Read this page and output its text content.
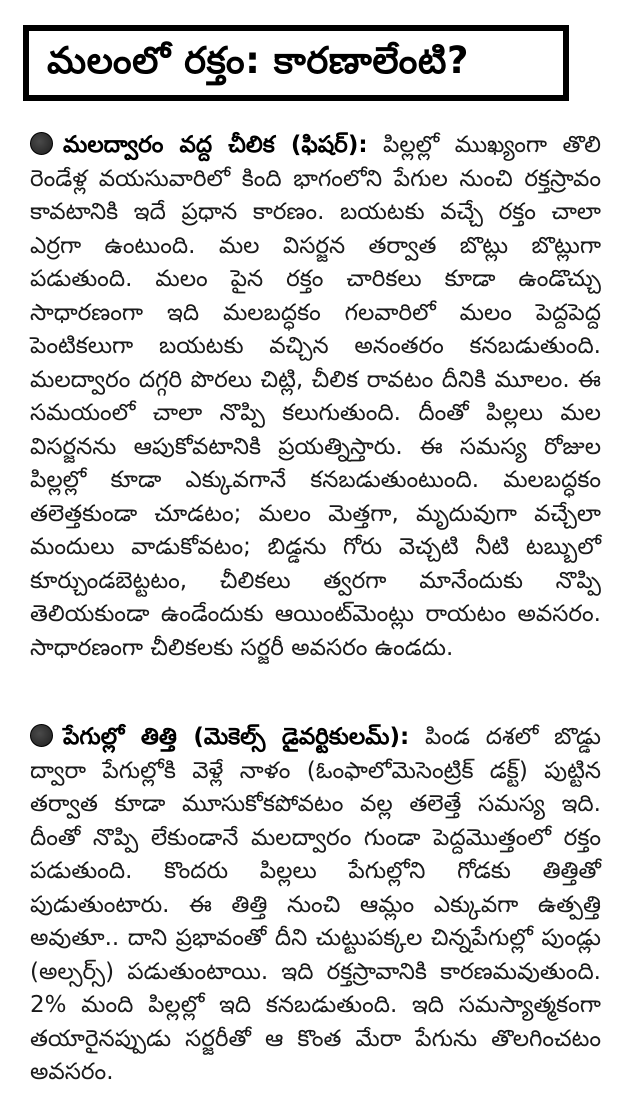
మలంలో రక్తం: కారణాలేంటి?

మలద్వారం వద్ద చీలిక (ఫిషర్): పిల్లల్లో ముఖ్యంగా తొలి రెండేళ్ల వయసువారిలో కింది భాగంలోని పేగుల నుంచి రక్తస్రావం కావటానికి ఇదే ప్రధాన కారణం. బయటకు వచ్చే రక్తం చాలా ఎర్రగా ఉంటుంది. మల విసర్జన తర్వాత బొట్లు బొట్లుగా పడుతుంది. మలం పైన రక్తం చారికలు కూడా ఉండొచ్చు సాధారణంగా ఇది మలబద్ధకం గలవారిలో మలం పెద్దపెద్ద పెంటికలుగా బయటకు వచ్చిన అనంతరం కనబడుతుంది. మలద్వారం దగ్గరి పొరలు చిట్లి, చీలిక రావటం దీనికి మూలం. ఈ సమయంలో చాలా నొప్పి కలుగుతుంది. దీంతో పిల్లలు మల విసర్జనను ఆపుకోవటానికి ప్రయత్నిస్తారు. ఈ సమస్య రోజుల పిల్లల్లో కూడా ఎక్కువగానే కనబడుతుంటుంది. మలబద్ధకం తలెత్తకుండా చూడటం; మలం మెత్తగా, మృదువుగా వచ్చేలా మందులు వాడుకోవటం; బిడ్డను గోరు వెచ్చటి నీటి టబ్బులో కూర్చుండబెట్టటం, చీలికలు త్వరగా మానేందుకు నొప్పి తెలియకుండా ఉండేందుకు ఆయింట్‌మెంట్లు రాయటం అవసరం. సాధారణంగా చీలికలకు సర్జరీ అవసరం ఉండదు.

పేగుల్లో తిత్తి (మెకెల్స్ డైవర్టికులమ్): పిండ దశలో బొడ్డు ద్వారా పేగుల్లోకి వెళ్లే నాళం (ఓంఫాలోమెసెంట్రిక్ డక్ట్) పుట్టిన తర్వాత కూడా మూసుకోకపోవటం వల్ల తలెత్తే సమస్య ఇది. దీంతో నొప్పి లేకుండానే మలద్వారం గుండా పెద్దమొత్తంలో రక్తం పడుతుంది. కొందరు పిల్లలు పేగుల్లోని గోడకు తిత్తితో పుడుతుంటారు. ఈ తిత్తి నుంచి ఆమ్లం ఎక్కువగా ఉత్పత్తి అవుతూ.. దాని ప్రభావంతో దీని చుట్టుపక్కల చిన్నపేగుల్లో పుండ్లు (అల్సర్స్) పడుతుంటాయి. ఇది రక్తస్రావానికి కారణమవుతుంది. 2% మంది పిల్లల్లో ఇది కనబడుతుంది. ఇది సమస్యాత్మకంగా తయారైనప్పుడు సర్జరీతో ఆ కొంత మేరా పేగును తొలగించటం అవసరం.
